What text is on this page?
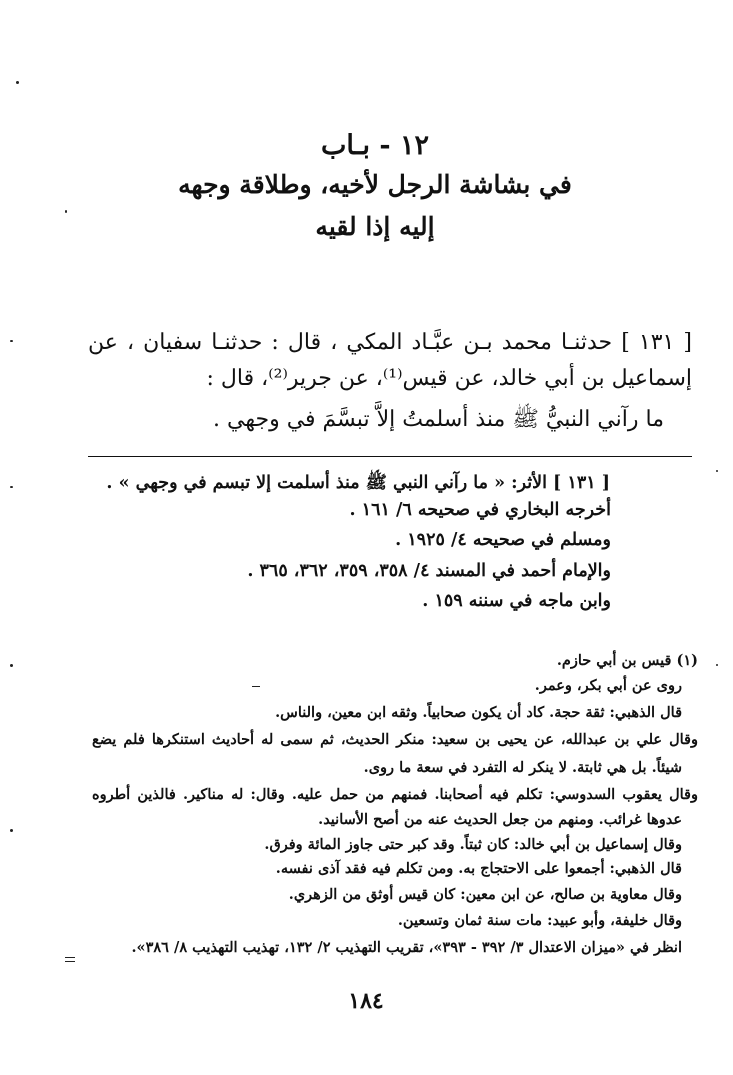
١٢ - بـاب
في بشاشة الرجل لأخيه، وطلاقة وجهه
إليه إذا لقيه
[ ١٣١ ] حدثنـا محمد بـن عبَّـاد المكي ، قال : حدثنـا سفيان ، عن
إسماعيل بن أبي خالد، عن قيس⁽¹⁾، عن جرير⁽²⁾، قال :
ما رآني النبيُّ ﷺ منذ أسلمتُ إلاَّ تبسَّمَ في وجهي .
[ ١٣١ ] الأثر: « ما رآني النبي ﷺ منذ أسلمت إلا تبسم في وجهي » .
أخرجه البخاري في صحيحه ٦/ ١٦١ .
ومسلم في صحيحه ٤/ ١٩٢٥ .
والإمام أحمد في المسند ٤/ ٣٥٨، ٣٥٩، ٣٦٢، ٣٦٥ .
وابن ماجه في سننه ١٥٩ .
(١) قيس بن أبي حازم.
روى عن أبي بكر، وعمر.
قال الذهبي: ثقة حجة. كاد أن يكون صحابياً. وثقه ابن معين، والناس.
وقال علي بن عبدالله، عن يحيى بن سعيد: منكر الحديث، ثم سمى له أحاديث استنكرها فلم يضع
شيئاً. بل هي ثابتة. لا ينكر له التفرد في سعة ما روى.
وقال يعقوب السدوسي: تكلم فيه أصحابنا. فمنهم من حمل عليه. وقال: له مناكير. فالذين أطروه
عدوها غرائب. ومنهم من جعل الحديث عنه من أصح الأسانيد.
وقال إسماعيل بن أبي خالد: كان ثبتاً. وقد كبر حتى جاوز المائة وفرق.
قال الذهبي: أجمعوا على الاحتجاج به. ومن تكلم فيه فقد آذى نفسه.
وقال معاوية بن صالح، عن ابن معين: كان قيس أوثق من الزهري.
وقال خليفة، وأبو عبيد: مات سنة ثمان وتسعين.
انظر في «ميزان الاعتدال ٣/ ٣٩٢ - ٣٩٣»، تقريب التهذيب ٢/ ١٣٢، تهذيب التهذيب ٨/ ٣٨٦».
١٨٤
